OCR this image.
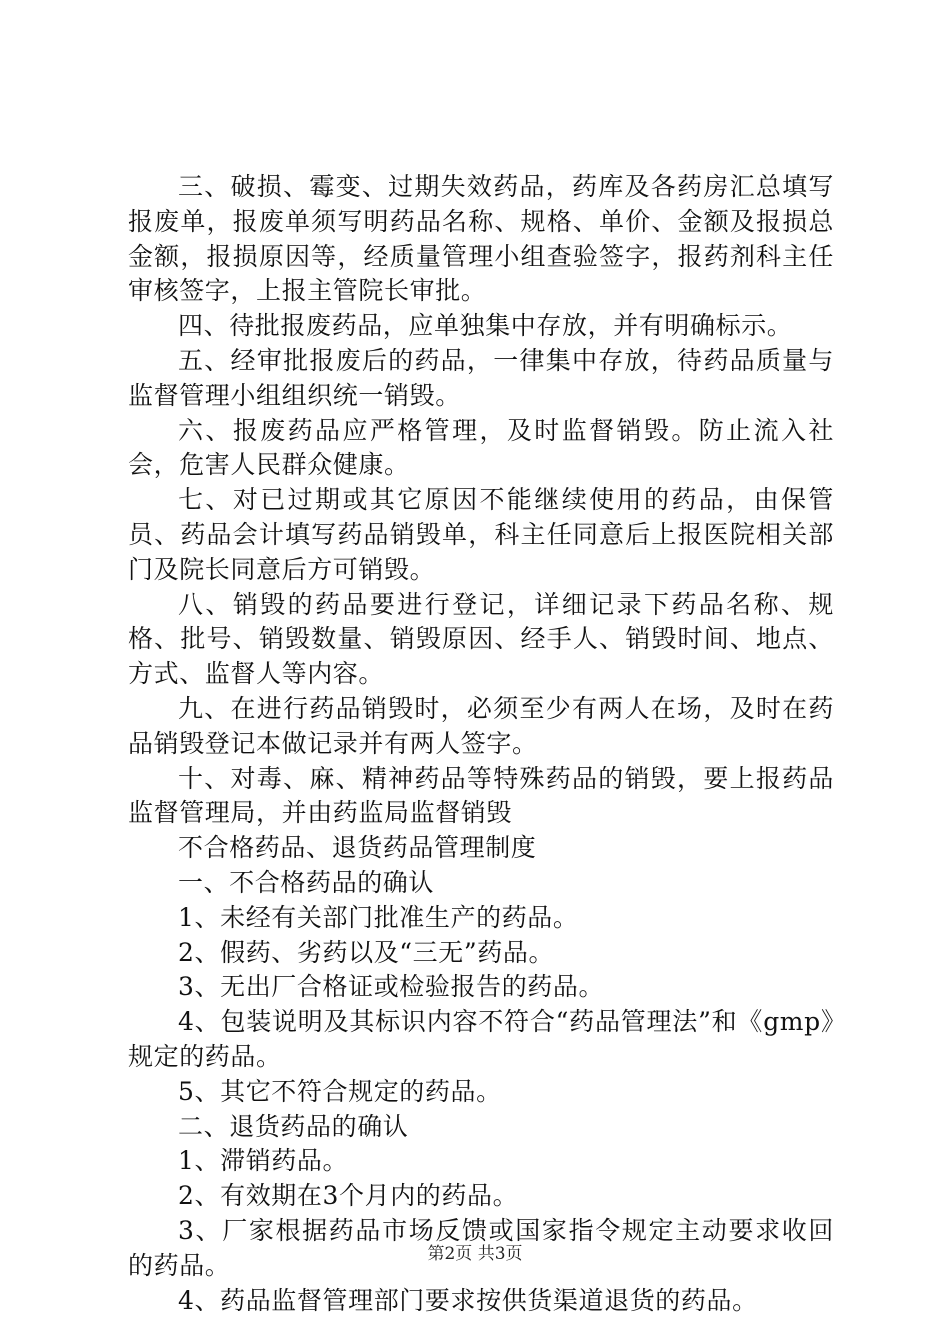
三、破损、霉变、过期失效药品，药库及各药房汇总填写报废单，报废单须写明药品名称、规格、单价、金额及报损总金额，报损原因等，经质量管理小组查验签字，报药剂科主任审核签字，上报主管院长审批。

四、待批报废药品，应单独集中存放，并有明确标示。

五、经审批报废后的药品，一律集中存放，待药品质量与监督管理小组组织统一销毁。

六、报废药品应严格管理，及时监督销毁。防止流入社会，危害人民群众健康。

七、对已过期或其它原因不能继续使用的药品，由保管员、药品会计填写药品销毁单，科主任同意后上报医院相关部门及院长同意后方可销毁。

八、销毁的药品要进行登记，详细记录下药品名称、规格、批号、销毁数量、销毁原因、经手人、销毁时间、地点、方式、监督人等内容。

九、在进行药品销毁时，必须至少有两人在场，及时在药品销毁登记本做记录并有两人签字。

十、对毒、麻、精神药品等特殊药品的销毁，要上报药品监督管理局，并由药监局监督销毁

不合格药品、退货药品管理制度

一、不合格药品的确认

1、未经有关部门批准生产的药品。

2、假药、劣药以及“三无”药品。

3、无出厂合格证或检验报告的药品。

4、包装说明及其标识内容不符合“药品管理法”和《gmp》规定的药品。

5、其它不符合规定的药品。

二、退货药品的确认

1、滞销药品。

2、有效期在3个月内的药品。

3、厂家根据药品市场反馈或国家指令规定主动要求收回的药品。

4、药品监督管理部门要求按供货渠道退货的药品。

第2页 共3页
